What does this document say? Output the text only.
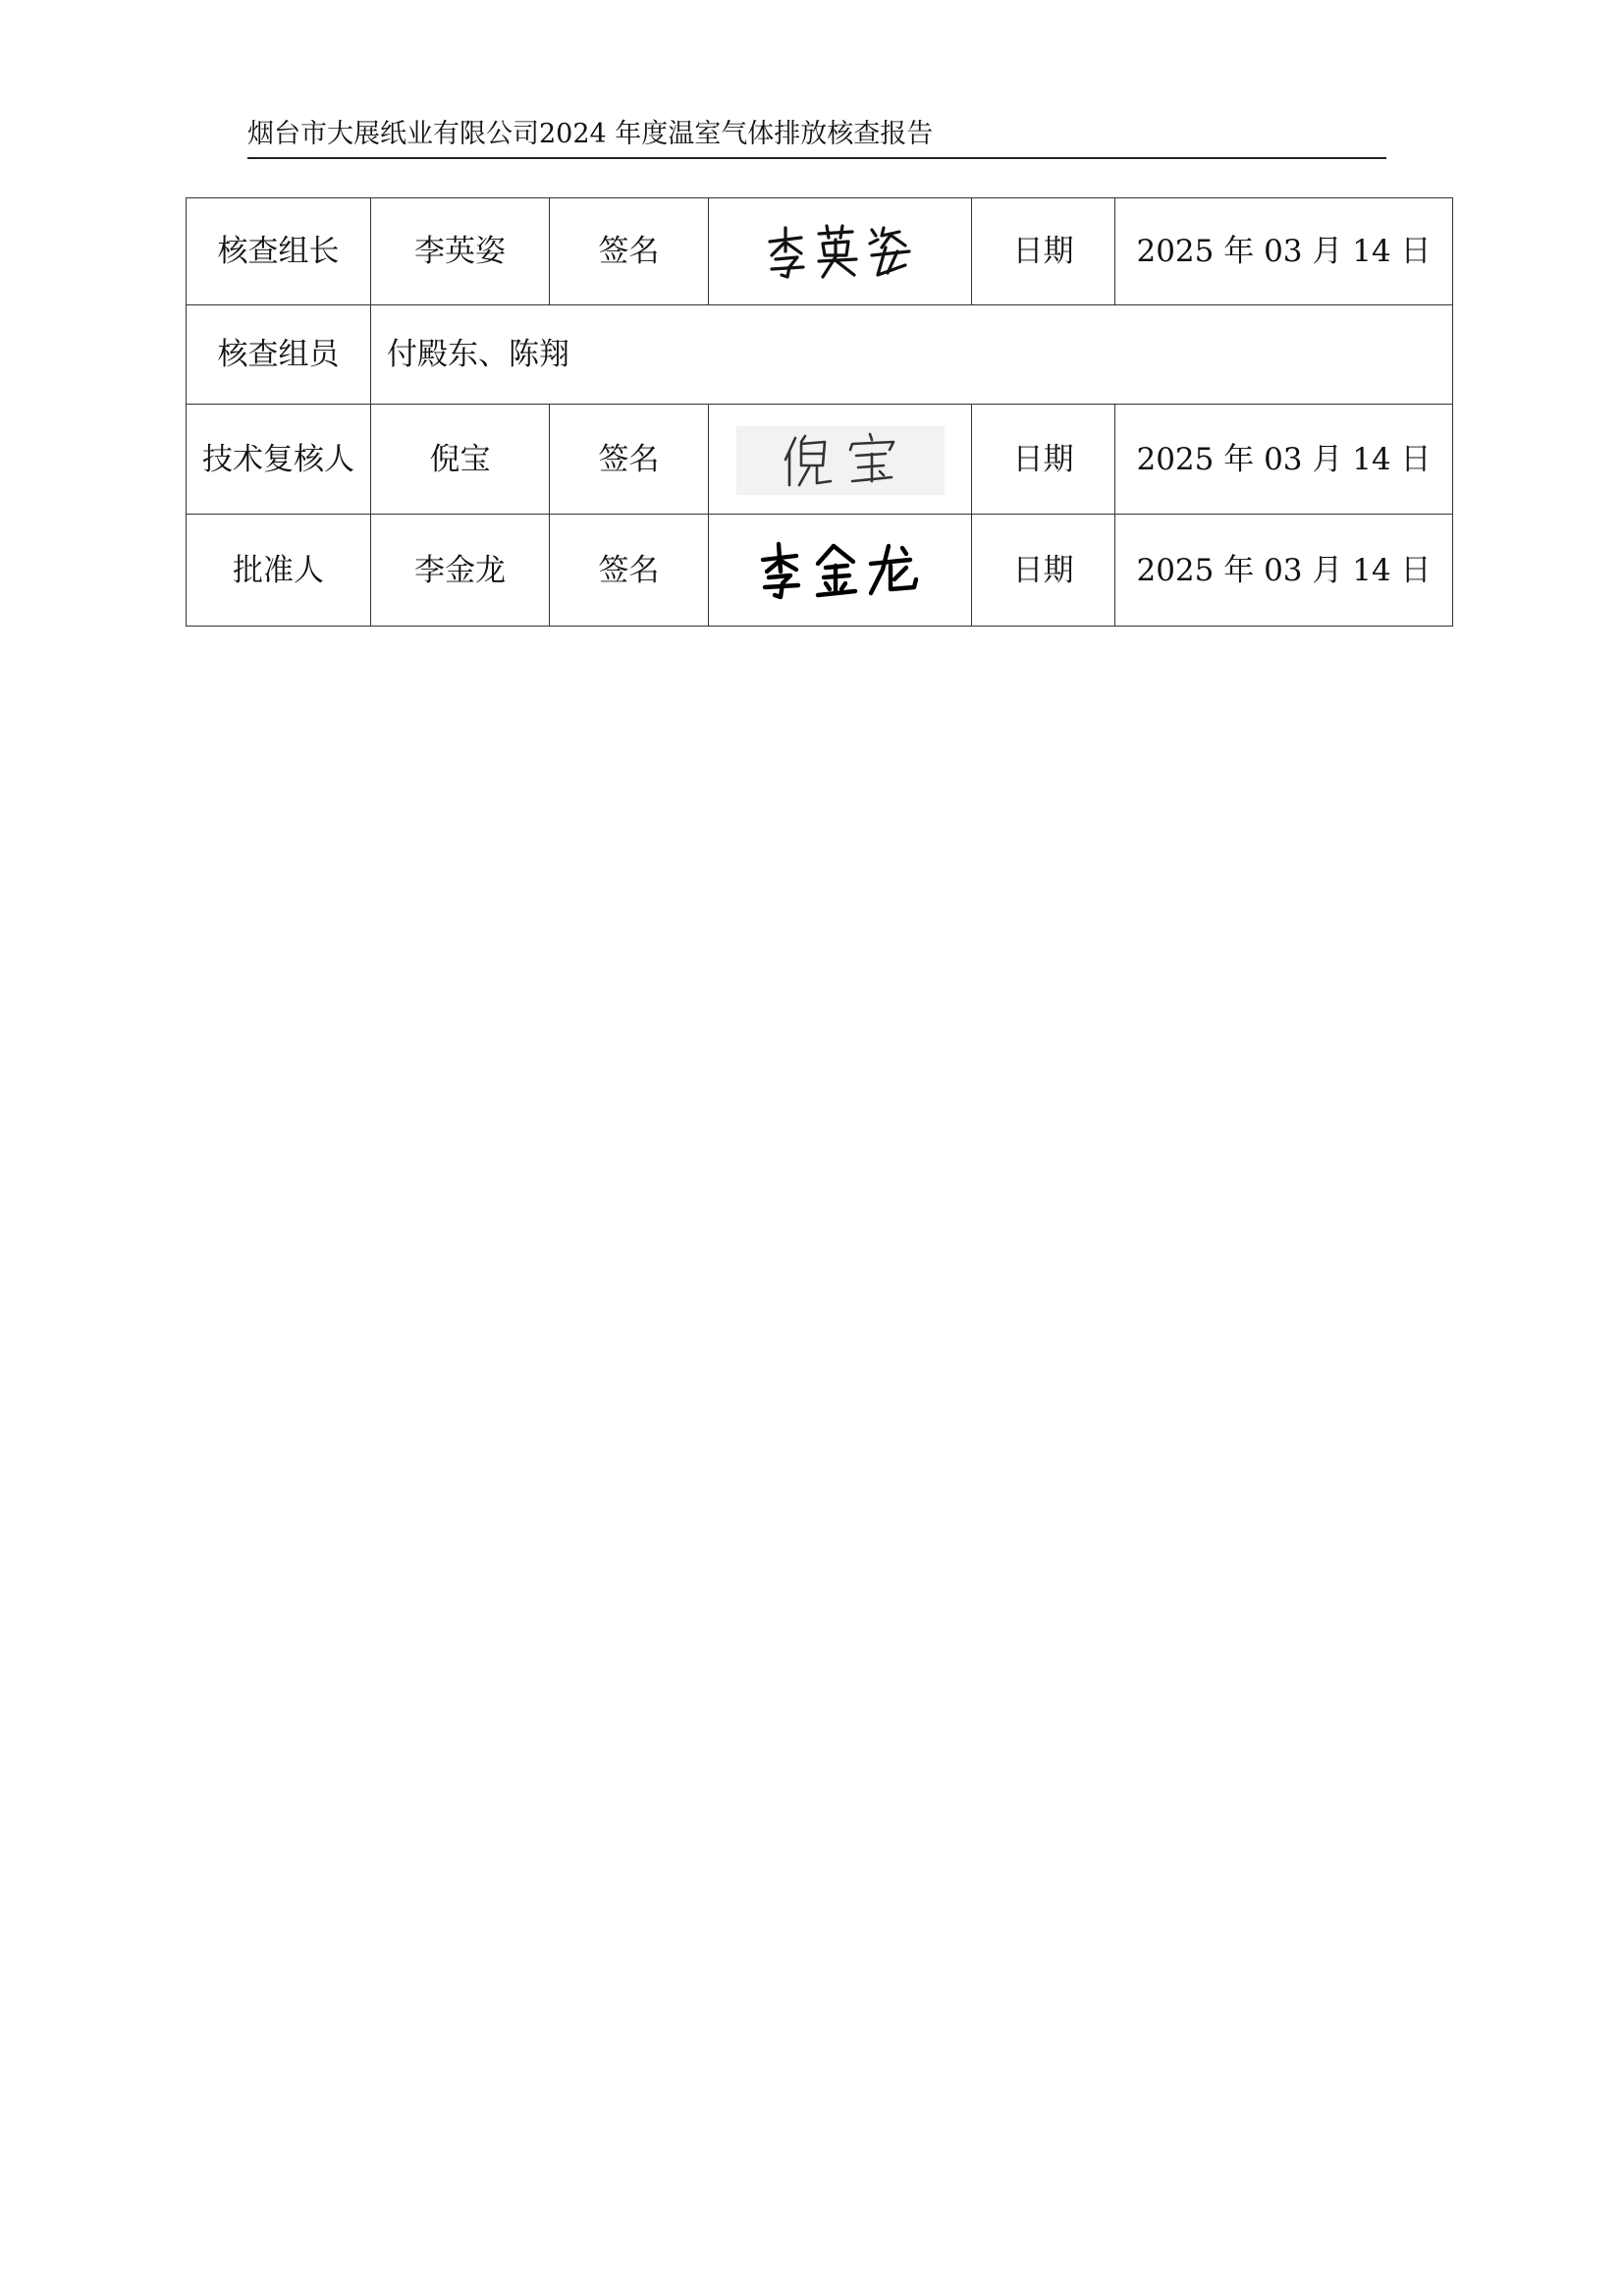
烟台市大展纸业有限公司2024 年度温室气体排放核查报告
核查组长	李英姿	签名		日期	2025 年 03 月 14 日
核查组员	付殿东、陈翔				
技术复核人	倪宝	签名		日期	2025 年 03 月 14 日
批准人	李金龙	签名		日期	2025 年 03 月 14 日
